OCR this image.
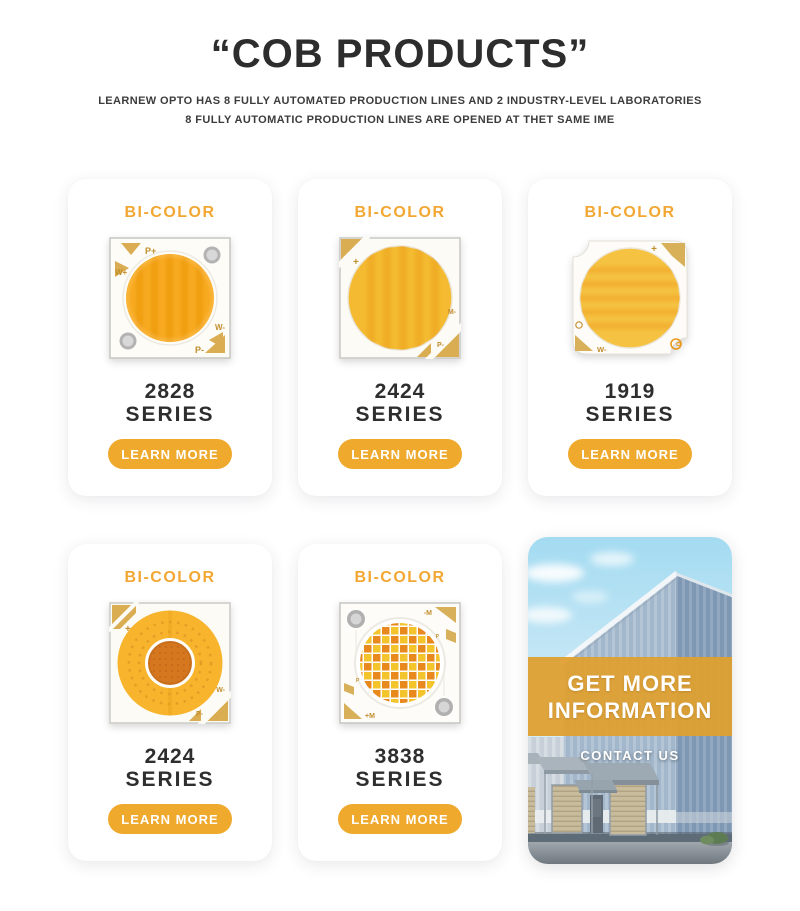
“COB PRODUCTS”
LEARNEW OPTO HAS 8 FULLY AUTOMATED PRODUCTION LINES AND 2 INDUSTRY-LEVEL LABORATORIES
8 FULLY AUTOMATIC PRODUCTION LINES ARE OPENED AT THET SAME IME
BI-COLOR
P+
W+
W-
P-
2828
SERIES
LEARN MORE
BI-COLOR
+
M-
P-
2424
SERIES
LEARN MORE
BI-COLOR
+
W-
1919
SERIES
LEARN MORE
BI-COLOR
+
W-
P-
2424
SERIES
LEARN MORE
BI-COLOR
-M
P
+M
P
3838
SERIES
LEARN MORE
GET MORE
INFORMATION
CONTACT US
